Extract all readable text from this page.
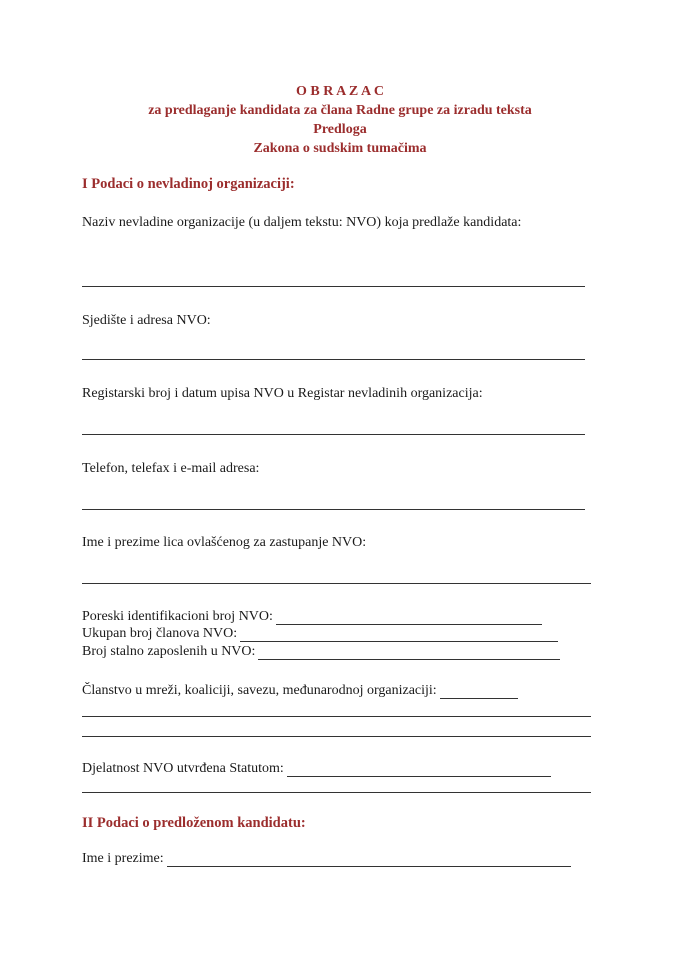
O B R A Z A C
za predlaganje kandidata za člana Radne grupe za izradu teksta
Predloga
Zakona o sudskim tumačima
I Podaci o nevladinoj organizaciji:
Naziv nevladine organizacije (u daljem tekstu: NVO) koja predlaže kandidata:
Sjedište i adresa NVO:
Registarski broj i datum upisa NVO u Registar nevladinih organizacija:
Telefon, telefax i e-mail adresa:
Ime i prezime lica ovlašćenog za zastupanje NVO:
Poreski identifikacioni broj NVO:
Ukupan broj članova NVO:
Broj stalno zaposlenih u NVO:
Članstvo u mreži, koaliciji, savezu, međunarodnoj organizaciji:
Djelatnost NVO utvrđena Statutom:
II Podaci o predloženom kandidatu:
Ime i prezime:
